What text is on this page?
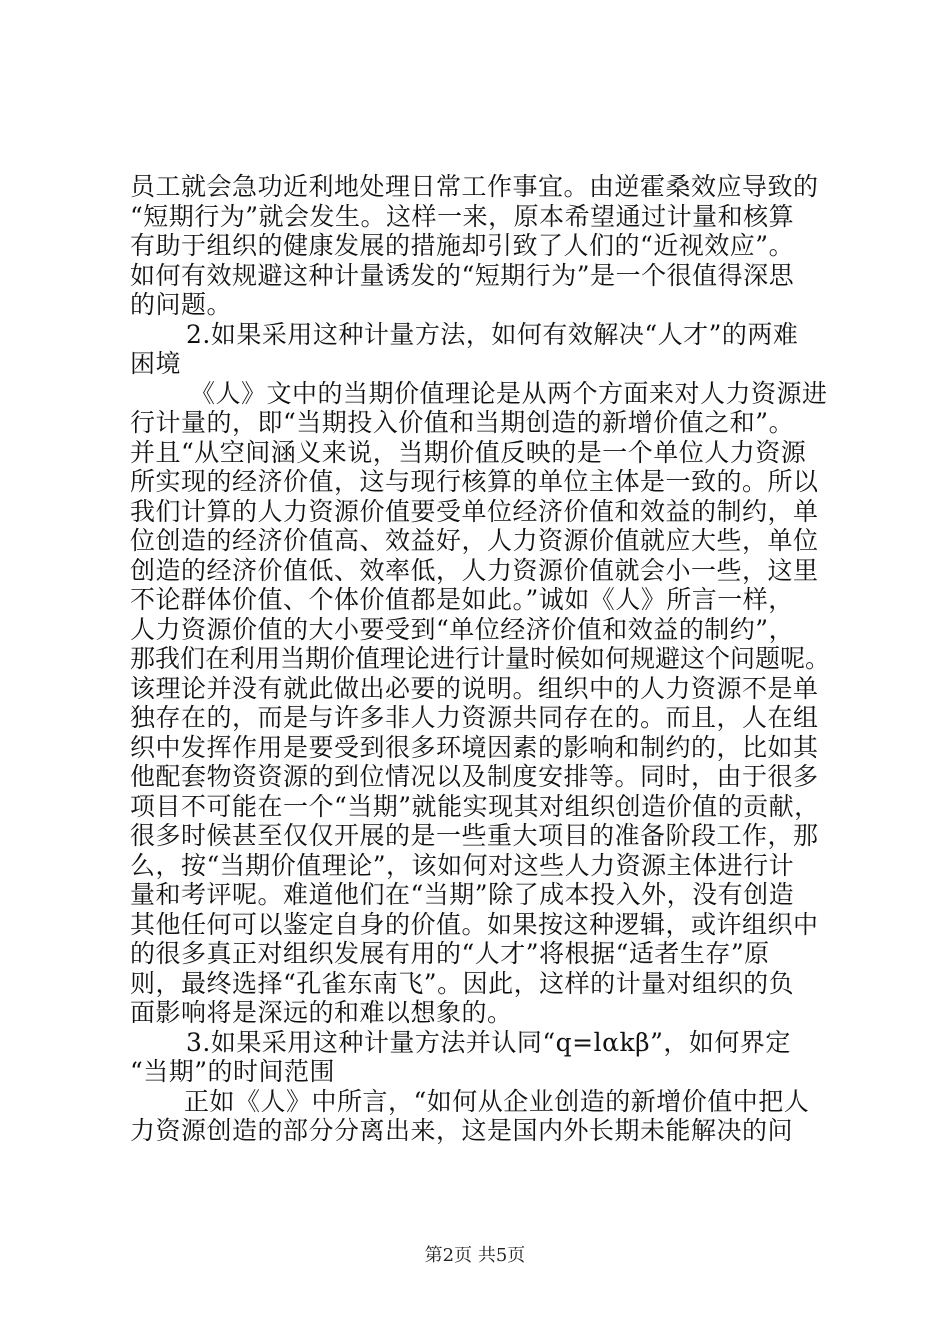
员工就会急功近利地处理日常工作事宜。由逆霍桑效应导致的
“短期行为”就会发生。这样一来，原本希望通过计量和核算
有助于组织的健康发展的措施却引致了人们的“近视效应”。
如何有效规避这种计量诱发的“短期行为”是一个很值得深思
的问题。
2.如果采用这种计量方法，如何有效解决“人才”的两难
困境
《人》文中的当期价值理论是从两个方面来对人力资源进
行计量的，即“当期投入价值和当期创造的新增价值之和”。
并且“从空间涵义来说，当期价值反映的是一个单位人力资源
所实现的经济价值，这与现行核算的单位主体是一致的。所以
我们计算的人力资源价值要受单位经济价值和效益的制约，单
位创造的经济价值高、效益好，人力资源价值就应大些，单位
创造的经济价值低、效率低，人力资源价值就会小一些，这里
不论群体价值、个体价值都是如此。”诚如《人》所言一样，
人力资源价值的大小要受到“单位经济价值和效益的制约”，
那我们在利用当期价值理论进行计量时候如何规避这个问题呢。
该理论并没有就此做出必要的说明。组织中的人力资源不是单
独存在的，而是与许多非人力资源共同存在的。而且，人在组
织中发挥作用是要受到很多环境因素的影响和制约的，比如其
他配套物资资源的到位情况以及制度安排等。同时，由于很多
项目不可能在一个“当期”就能实现其对组织创造价值的贡献，
很多时候甚至仅仅开展的是一些重大项目的准备阶段工作，那
么，按“当期价值理论”，该如何对这些人力资源主体进行计
量和考评呢。难道他们在“当期”除了成本投入外，没有创造
其他任何可以鉴定自身的价值。如果按这种逻辑，或许组织中
的很多真正对组织发展有用的“人才”将根据“适者生存”原
则，最终选择“孔雀东南飞”。因此，这样的计量对组织的负
面影响将是深远的和难以想象的。
3.如果采用这种计量方法并认同“q=lαkβ”，如何界定
“当期”的时间范围
正如《人》中所言，“如何从企业创造的新增价值中把人
力资源创造的部分分离出来，这是国内外长期未能解决的问
第2页 共5页
